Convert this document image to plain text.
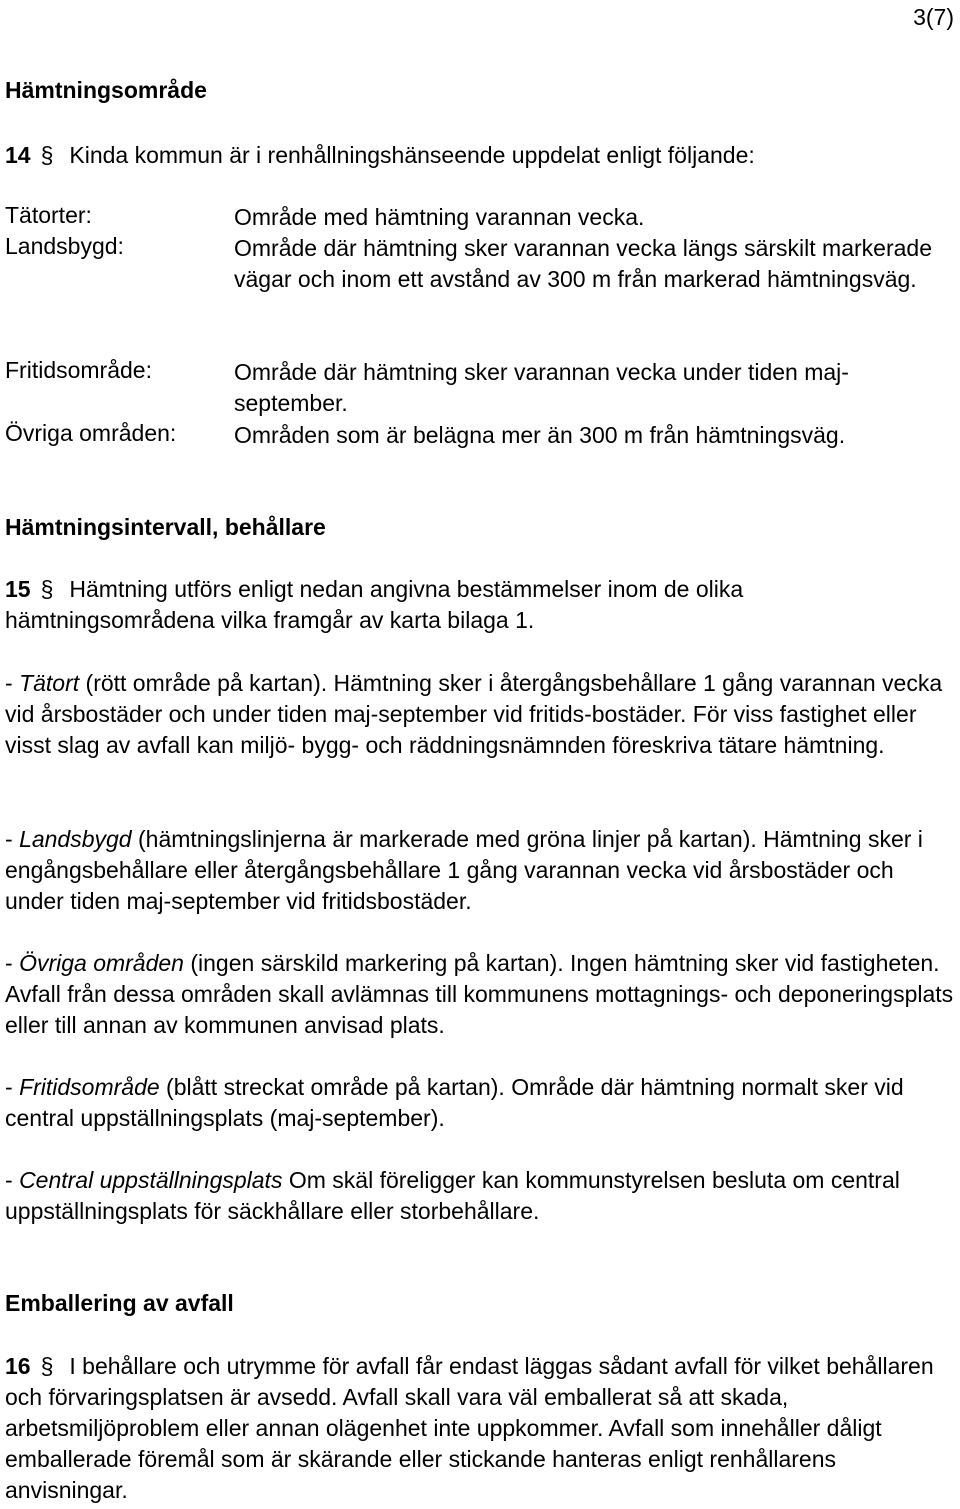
3(7)
Hämtningsområde
14 § Kinda kommun är i renhållningshänseende uppdelat enligt följande:
Tätorter:	Område med hämtning varannan vecka.
Landsbygd:	Område där hämtning sker varannan vecka längs särskilt markerade vägar och inom ett avstånd av 300 m från markerad hämtningsväg.
Fritidsområde:	Område där hämtning sker varannan vecka under tiden maj-september.
Övriga områden:	Områden som är belägna mer än 300 m från hämtningsväg.
Hämtningsintervall, behållare

15 § Hämtning utförs enligt nedan angivna bestämmelser inom de olika hämtningsområdena vilka framgår av karta bilaga 1.

- Tätort (rött område på kartan). Hämtning sker i återgångsbehållare 1 gång varannan vecka vid årsbostäder och under tiden maj-september vid fritids-bostäder. För viss fastighet eller visst slag av avfall kan miljö- bygg- och räddningsnämnden föreskriva tätare hämtning.

- Landsbygd (hämtningslinjerna är markerade med gröna linjer på kartan). Hämtning sker i engångsbehållare eller återgångsbehållare 1 gång varannan vecka vid årsbostäder och under tiden maj-september vid fritidsbostäder.

- Övriga områden (ingen särskild markering på kartan). Ingen hämtning sker vid fastigheten. Avfall från dessa områden skall avlämnas till kommunens mottagnings- och deponeringsplats eller till annan av kommunen anvisad plats.

- Fritidsområde (blått streckat område på kartan). Område där hämtning normalt sker vid central uppställningsplats (maj-september).

- Central uppställningsplats Om skäl föreligger kan kommunstyrelsen besluta om central uppställningsplats för säckhållare eller storbehållare.

Emballering av avfall

16 § I behållare och utrymme för avfall får endast läggas sådant avfall för vilket behållaren och förvaringsplatsen är avsedd. Avfall skall vara väl emballerat så att skada, arbetsmiljöproblem eller annan olägenhet inte uppkommer. Avfall som innehåller dåligt emballerade föremål som är skärande eller stickande hanteras enligt renhållarens anvisningar.
